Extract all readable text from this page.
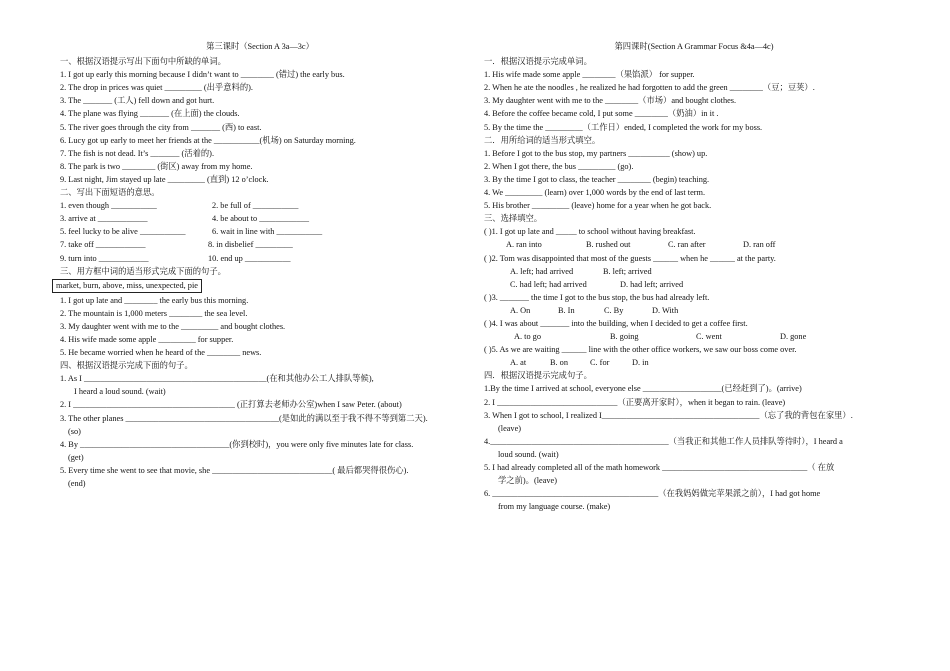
第三课时（Section A 3a—3c）
一、根据汉语提示写出下面句中所缺的单词。
1. I got up early this morning because I didn’t want to ________ (错过) the early bus.
2. The drop in prices was quiet _________ (出乎意料的).
3. The _______ (工人) fell down and got hurt.
4. The plane was flying _______ (在上面) the clouds.
5. The river goes through the city from _______ (西) to east.
6. Lucy got up early to meet her friends at the ___________(机场) on Saturday morning.
7. The fish is not dead. It’s _______ (活着的).
8. The park is two ________ (街区) away from my home.
9. Last night, Jim stayed up late _________ (直到) 12 o’clock.
二、写出下面短语的意思。
1. even though ___________	2. be full of ___________
3. arrive at ____________	4. be about to ____________
5. feel lucky to be alive ___________	6. wait in line with ___________
7. take off ____________	8. in disbelief _________
9. turn into ____________	10. end up ___________
三、用方框中词的适当形式完成下面的句子。
market, burn, above, miss, unexpected, pie
1. I got up late and ________ the early bus this morning.
2. The mountain is 1,000 meters ________ the sea level.
3. My daughter went with me to the _________ and bought clothes.
4. His wife made some apple _________ for supper.
5. He became worried when he heard of the ________ news.
四、根据汉语提示完成下面的句子。
1. As I ____________________________________________(在和其他办公工人排队等候),
I heard a loud sound. (wait)
2. I _______________________________________ (正打算去老师办公室)when I saw Peter. (about)
3. The other planes _____________________________________(是如此的满以至于我不得不等到第二天).
(so)
4. By ____________________________________(你到校时)，you were only five minutes late for class.
(get)
5. Every time she went to see that movie, she _____________________________( 最后都哭得很伤心).
(end)
第四课时(Section A Grammar Focus &4a—4c)
一．根据汉语提示完成单词。
1. His wife made some apple ________（果馅派） for supper.
2. When he ate the noodles , he realized he had forgotten to add the green ________（豆；豆荚）.
3. My daughter went with me to the ________（市场）and bought clothes.
4. Before the coffee became cold, I put some ________（奶油）in it .
5. By the time the _________（工作日）ended, I completed the work for my boss.
二．用所给词的适当形式填空。
1. Before I got to the bus stop, my partners __________ (show) up.
2. When I got there, the bus _________ (go).
3. By the time I got to class, the teacher ________ (begin) teaching.
4. We _________ (learn) over 1,000 words by the end of last term.
5. His brother _________ (leave) home for a year when he got back.
三、选择填空。
( )1. I got up late and _____ to school without having breakfast.
A. ran into	B. rushed out	C. ran after	D. ran off
( )2. Tom was disappointed that most of the guests ______ when he ______ at the party.
A. left; had arrived	B. left; arrived
C. had left; had arrived	D. had left; arrived
( )3. _______ the time I got to the bus stop, the bus had already left.
A. On	B. In	C. By	D. With
( )4. I was about _______ into the building, when I decided to get a coffee first.
A. to go	B. going	C. went	D. gone
( )5. As we are waiting ______ line with the other office workers, we saw our boss come over.
A. at	B. on	C. for	D. in
四．根据汉语提示完成句子。
1.By the time I arrived at school, everyone else ___________________(已经赶到了)。(arrive)
2. I _____________________________（正要离开家时），when it began to rain. (leave)
3. When I got to school, I realized I______________________________________（忘了我的背包在家里）.
(leave)
4.___________________________________________（当我正和其他工作人员排队等待时），I heard a
loud sound. (wait)
5. I had already completed all of the math homework ___________________________________（ 在放
学之前)。(leave)
6. ________________________________________（在我妈妈做完苹果派之前），I had got home
from my language course. (make)
